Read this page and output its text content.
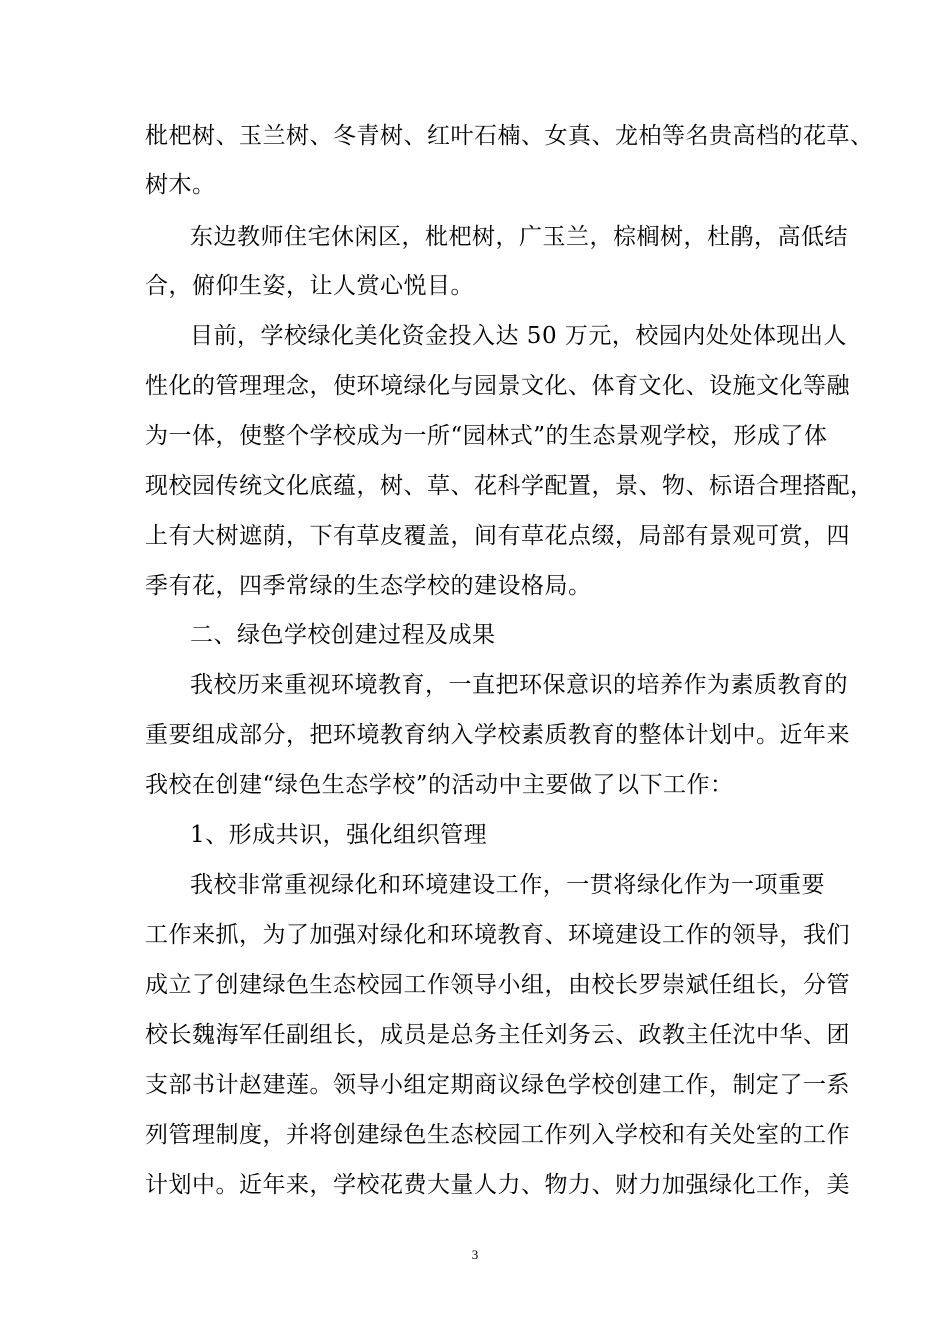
枇杷树、玉兰树、冬青树、红叶石楠、女真、龙柏等名贵高档的花草、
树木。
东边教师住宅休闲区，枇杷树，广玉兰，棕榈树，杜鹃，高低结
合，俯仰生姿，让人赏心悦目。
目前，学校绿化美化资金投入达 50 万元，校园内处处体现出人
性化的管理理念，使环境绿化与园景文化、体育文化、设施文化等融
为一体，使整个学校成为一所“园林式”的生态景观学校，形成了体
现校园传统文化底蕴，树、草、花科学配置，景、物、标语合理搭配，
上有大树遮荫，下有草皮覆盖，间有草花点缀，局部有景观可赏，四
季有花，四季常绿的生态学校的建设格局。
二、绿色学校创建过程及成果
我校历来重视环境教育，一直把环保意识的培养作为素质教育的
重要组成部分，把环境教育纳入学校素质教育的整体计划中。近年来
我校在创建“绿色生态学校”的活动中主要做了以下工作：
1、形成共识，强化组织管理
我校非常重视绿化和环境建设工作，一贯将绿化作为一项重要
工作来抓，为了加强对绿化和环境教育、环境建设工作的领导，我们
成立了创建绿色生态校园工作领导小组，由校长罗崇斌任组长，分管
校长魏海军任副组长，成员是总务主任刘务云、政教主任沈中华、团
支部书计赵建莲。领导小组定期商议绿色学校创建工作，制定了一系
列管理制度，并将创建绿色生态校园工作列入学校和有关处室的工作
计划中。近年来，学校花费大量人力、物力、财力加强绿化工作，美
3
